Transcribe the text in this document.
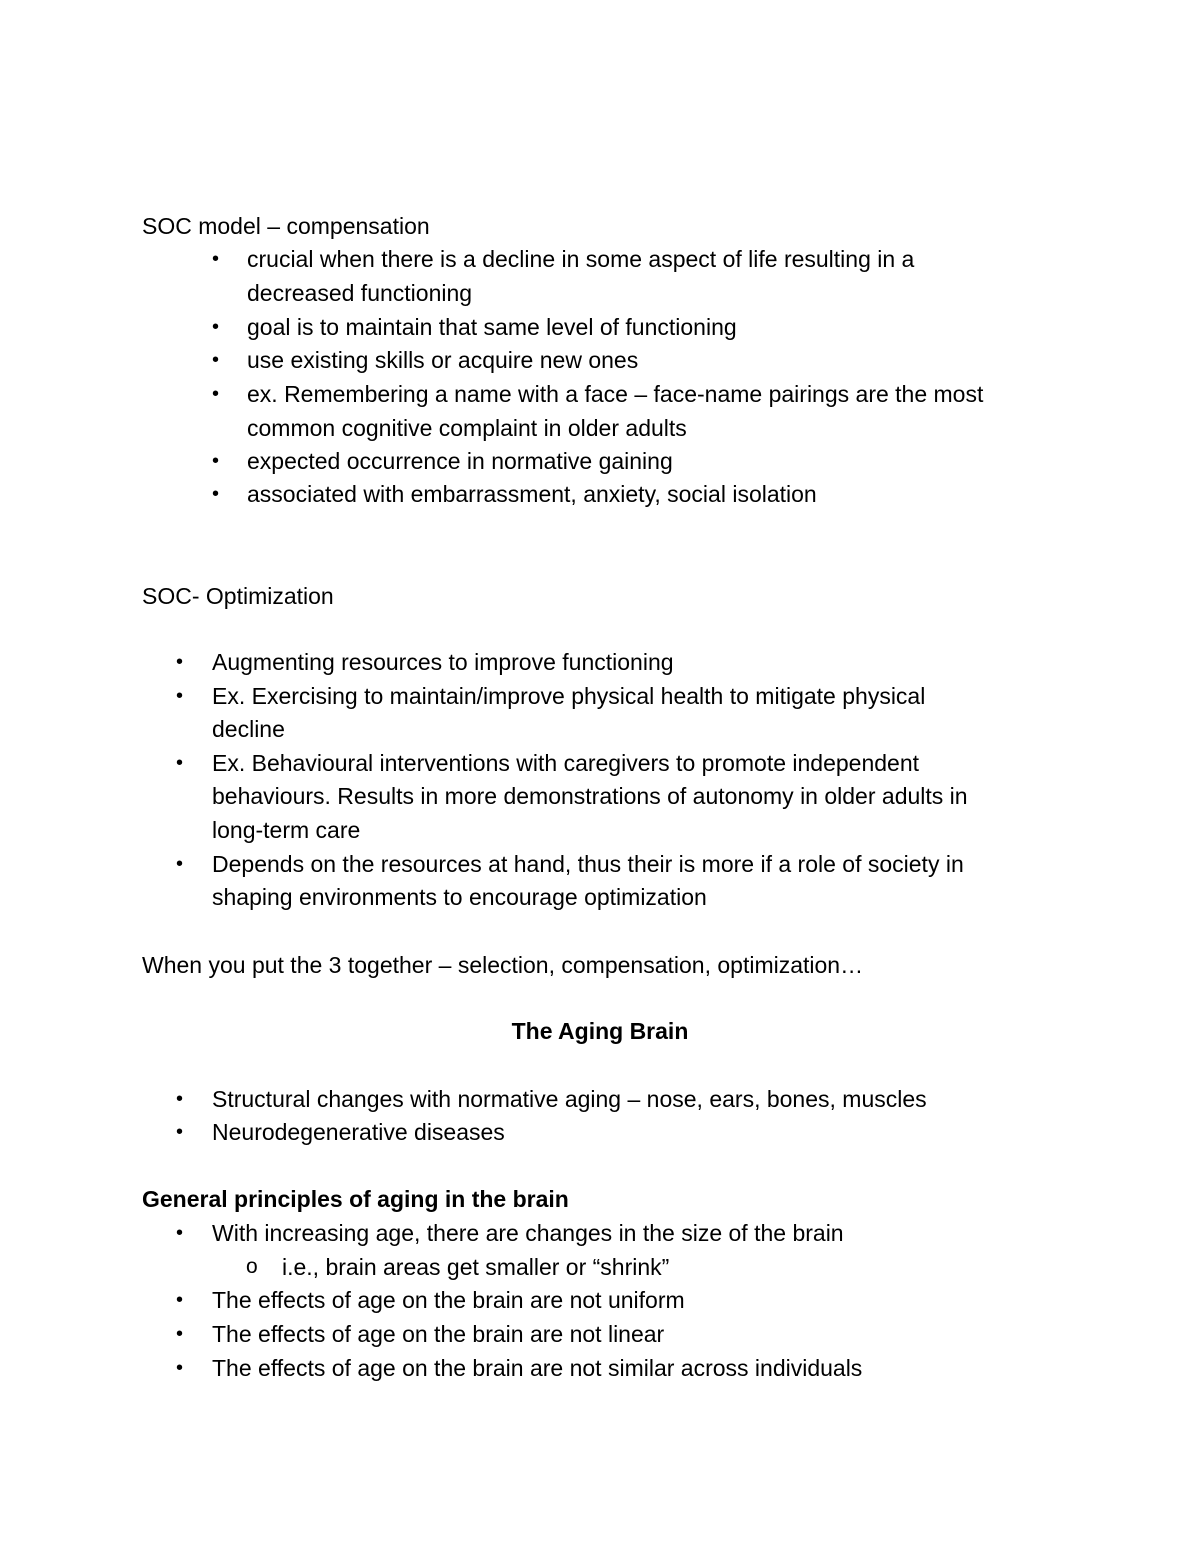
SOC model – compensation
• crucial when there is a decline in some aspect of life resulting in a
decreased functioning
• goal is to maintain that same level of functioning
• use existing skills or acquire new ones
• ex. Remembering a name with a face – face-name pairings are the most
common cognitive complaint in older adults
• expected occurrence in normative gaining
• associated with embarrassment, anxiety, social isolation
SOC- Optimization
• Augmenting resources to improve functioning
• Ex. Exercising to maintain/improve physical health to mitigate physical
decline
• Ex. Behavioural interventions with caregivers to promote independent
behaviours. Results in more demonstrations of autonomy in older adults in
long-term care
• Depends on the resources at hand, thus their is more if a role of society in
shaping environments to encourage optimization
When you put the 3 together – selection, compensation, optimization…
The Aging Brain
• Structural changes with normative aging – nose, ears, bones, muscles
• Neurodegenerative diseases
General principles of aging in the brain
• With increasing age, there are changes in the size of the brain
o i.e., brain areas get smaller or “shrink”
• The effects of age on the brain are not uniform
• The effects of age on the brain are not linear
• The effects of age on the brain are not similar across individuals
